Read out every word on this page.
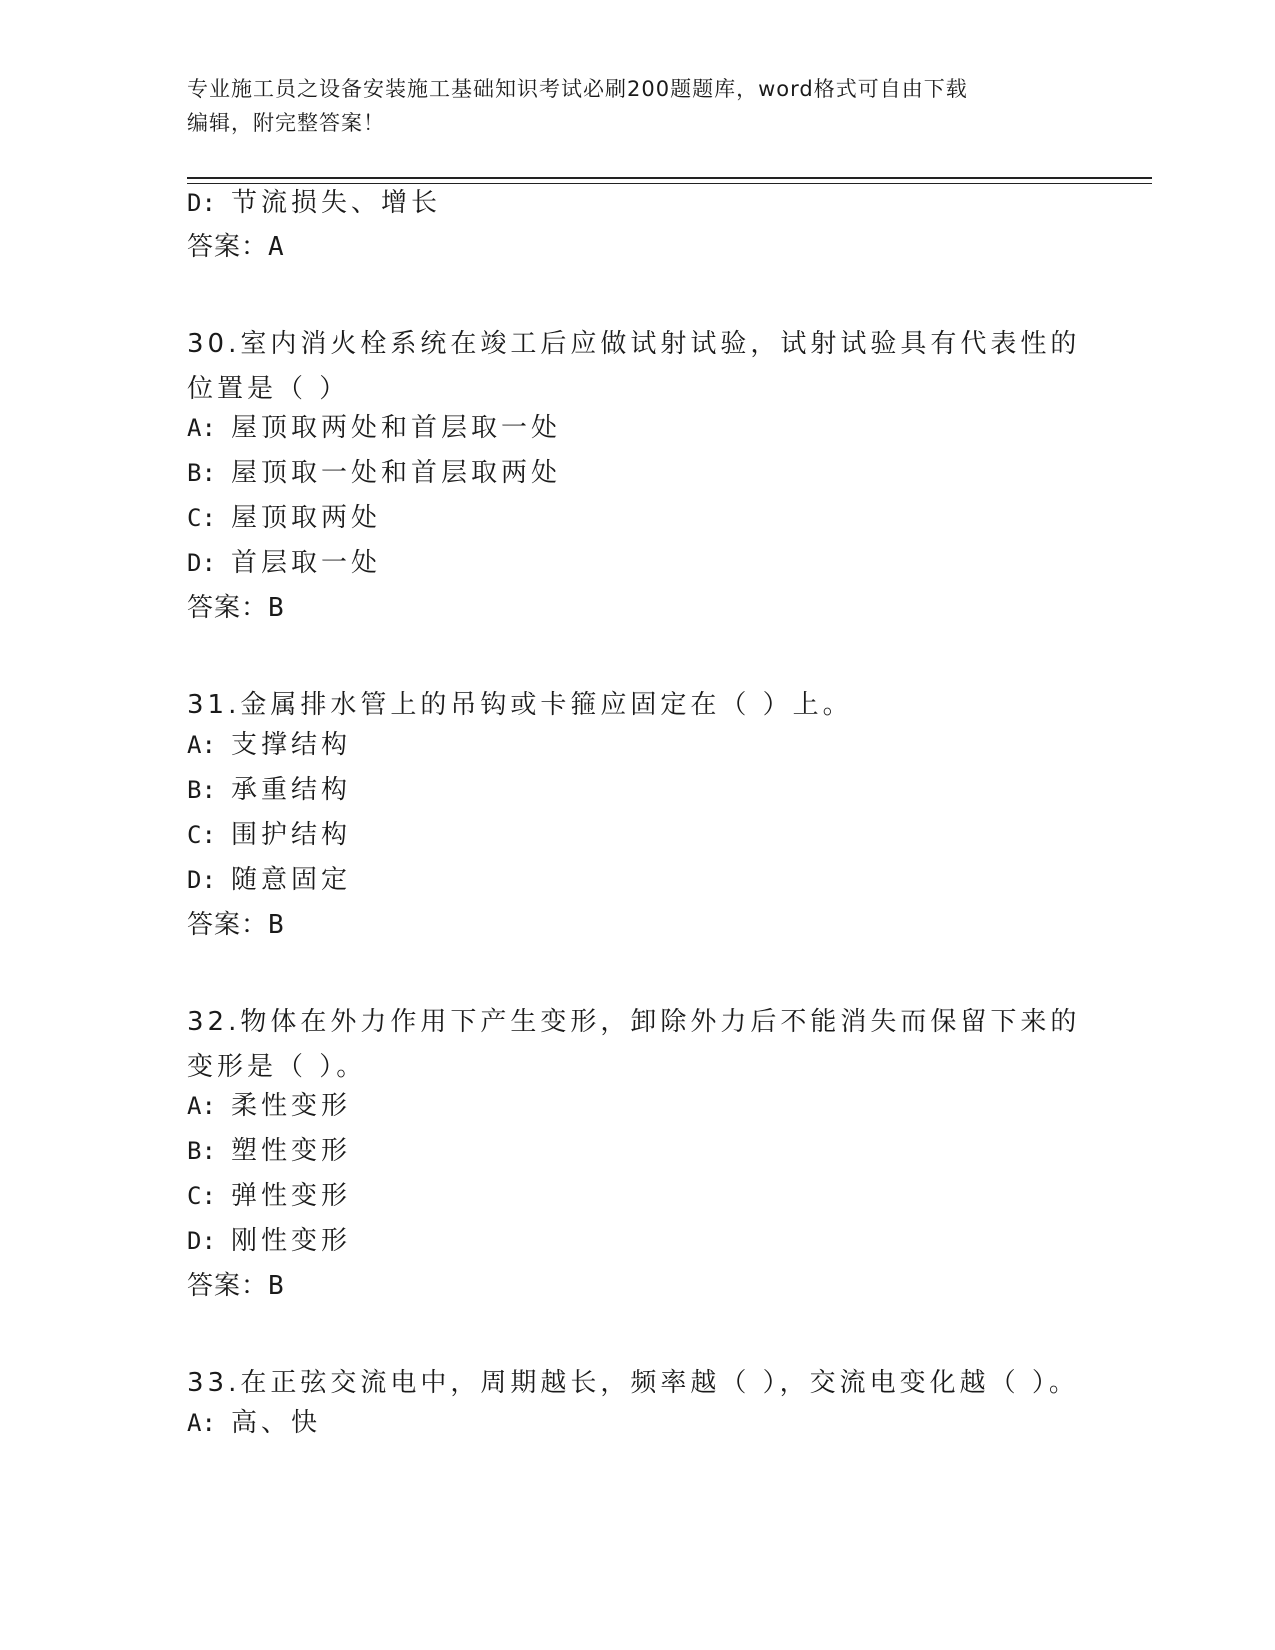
专业施工员之设备安装施工基础知识考试必刷200题题库，word格式可自由下载
编辑，附完整答案！
D: 节流损失、增长
答案：A
30.室内消火栓系统在竣工后应做试射试验，试射试验具有代表性的位置是（ ）
A: 屋顶取两处和首层取一处
B: 屋顶取一处和首层取两处
C: 屋顶取两处
D: 首层取一处
答案：B
31.金属排水管上的吊钩或卡箍应固定在（ ）上。
A: 支撑结构
B: 承重结构
C: 围护结构
D: 随意固定
答案：B
32.物体在外力作用下产生变形，卸除外力后不能消失而保留下来的变形是（ ）。
A: 柔性变形
B: 塑性变形
C: 弹性变形
D: 刚性变形
答案：B
33.在正弦交流电中，周期越长，频率越（ ），交流电变化越（ ）。
A: 高、快
